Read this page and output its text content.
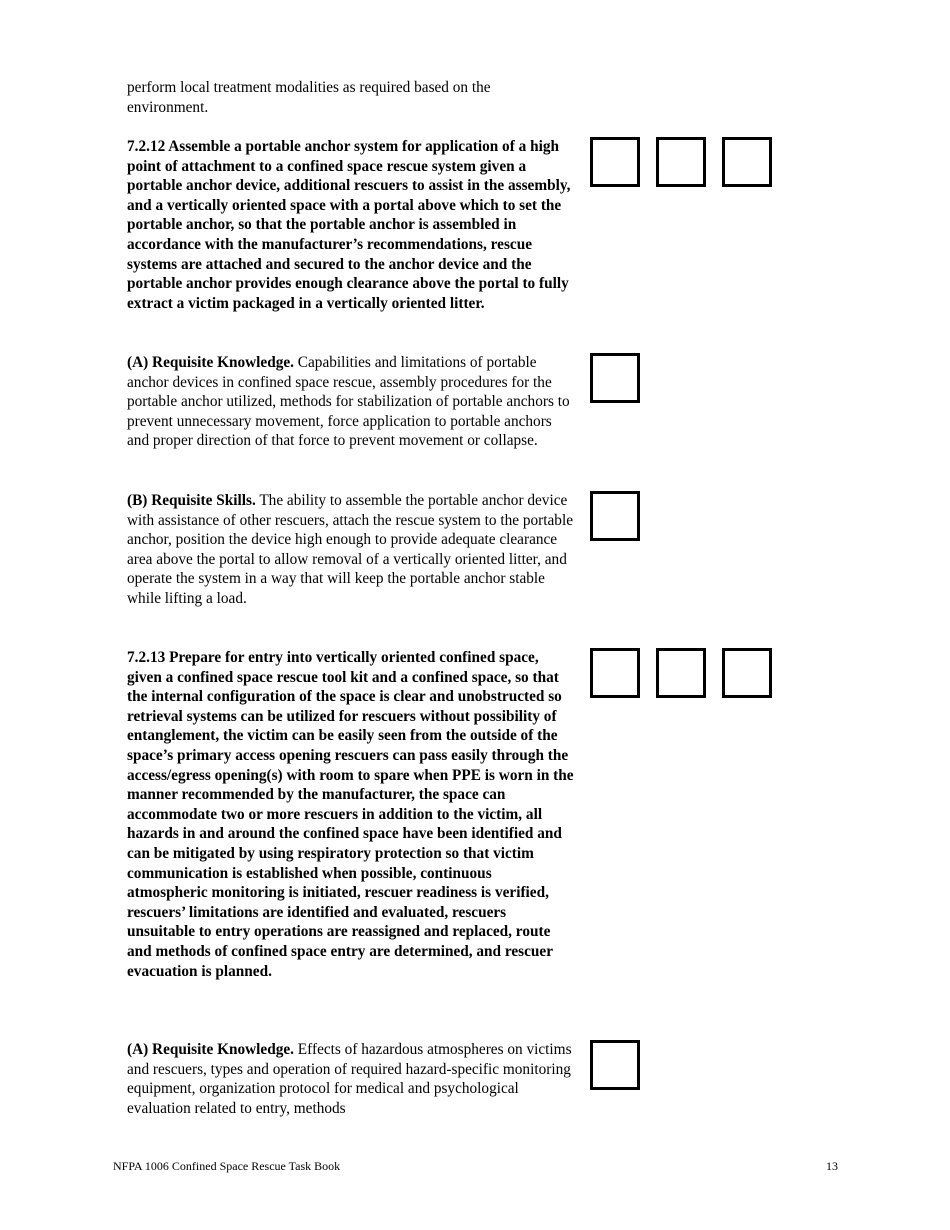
perform local treatment modalities as required based on the environment.
7.2.12 Assemble a portable anchor system for application of a high point of attachment to a confined space rescue system given a portable anchor device, additional rescuers to assist in the assembly, and a vertically oriented space with a portal above which to set the portable anchor, so that the portable anchor is assembled in accordance with the manufacturer’s recommendations, rescue systems are attached and secured to the anchor device and the portable anchor provides enough clearance above the portal to fully extract a victim packaged in a vertically oriented litter.
(A) Requisite Knowledge. Capabilities and limitations of portable anchor devices in confined space rescue, assembly procedures for the portable anchor utilized, methods for stabilization of portable anchors to prevent unnecessary movement, force application to portable anchors and proper direction of that force to prevent movement or collapse.
(B) Requisite Skills. The ability to assemble the portable anchor device with assistance of other rescuers, attach the rescue system to the portable anchor, position the device high enough to provide adequate clearance area above the portal to allow removal of a vertically oriented litter, and operate the system in a way that will keep the portable anchor stable while lifting a load.
7.2.13 Prepare for entry into vertically oriented confined space, given a confined space rescue tool kit and a confined space, so that the internal configuration of the space is clear and unobstructed so retrieval systems can be utilized for rescuers without possibility of entanglement, the victim can be easily seen from the outside of the space’s primary access opening rescuers can pass easily through the access/egress opening(s) with room to spare when PPE is worn in the manner recommended by the manufacturer, the space can accommodate two or more rescuers in addition to the victim, all hazards in and around the confined space have been identified and can be mitigated by using respiratory protection so that victim communication is established when possible, continuous atmospheric monitoring is initiated, rescuer readiness is verified, rescuers’ limitations are identified and evaluated, rescuers unsuitable to entry operations are reassigned and replaced, route and methods of confined space entry are determined, and rescuer evacuation is planned.
(A) Requisite Knowledge. Effects of hazardous atmospheres on victims and rescuers, types and operation of required hazard-specific monitoring equipment, organization protocol for medical and psychological evaluation related to entry, methods
NFPA 1006 Confined Space Rescue Task Book	13
